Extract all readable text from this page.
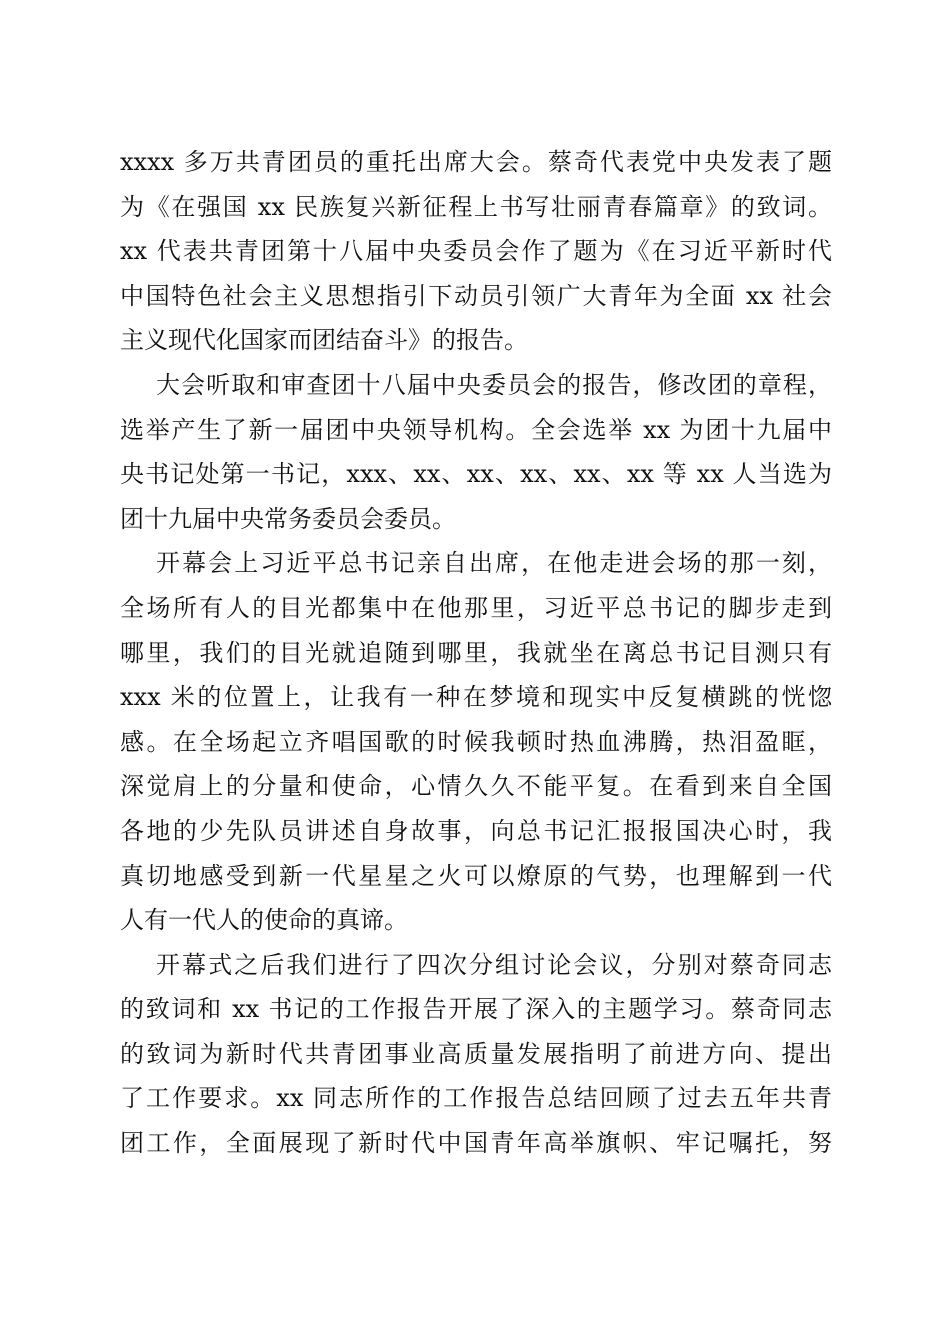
xxxx 多万共青团员的重托出席大会。蔡奇代表党中央发表了题
为《在强国 xx 民族复兴新征程上书写壮丽青春篇章》的致词。
xx 代表共青团第十八届中央委员会作了题为《在习近平新时代
中国特色社会主义思想指引下动员引领广大青年为全面 xx 社会
主义现代化国家而团结奋斗》的报告。
大会听取和审查团十八届中央委员会的报告，修改团的章程，
选举产生了新一届团中央领导机构。全会选举 xx 为团十九届中
央书记处第一书记，xxx、xx、xx、xx、xx、xx 等 xx 人当选为
团十九届中央常务委员会委员。
开幕会上习近平总书记亲自出席，在他走进会场的那一刻，
全场所有人的目光都集中在他那里，习近平总书记的脚步走到
哪里，我们的目光就追随到哪里，我就坐在离总书记目测只有
xxx 米的位置上，让我有一种在梦境和现实中反复横跳的恍惚
感。在全场起立齐唱国歌的时候我顿时热血沸腾，热泪盈眶，
深觉肩上的分量和使命，心情久久不能平复。在看到来自全国
各地的少先队员讲述自身故事，向总书记汇报报国决心时，我
真切地感受到新一代星星之火可以燎原的气势，也理解到一代
人有一代人的使命的真谛。
开幕式之后我们进行了四次分组讨论会议，分别对蔡奇同志
的致词和 xx 书记的工作报告开展了深入的主题学习。蔡奇同志
的致词为新时代共青团事业高质量发展指明了前进方向、提出
了工作要求。xx 同志所作的工作报告总结回顾了过去五年共青
团工作，全面展现了新时代中国青年高举旗帜、牢记嘱托，努
